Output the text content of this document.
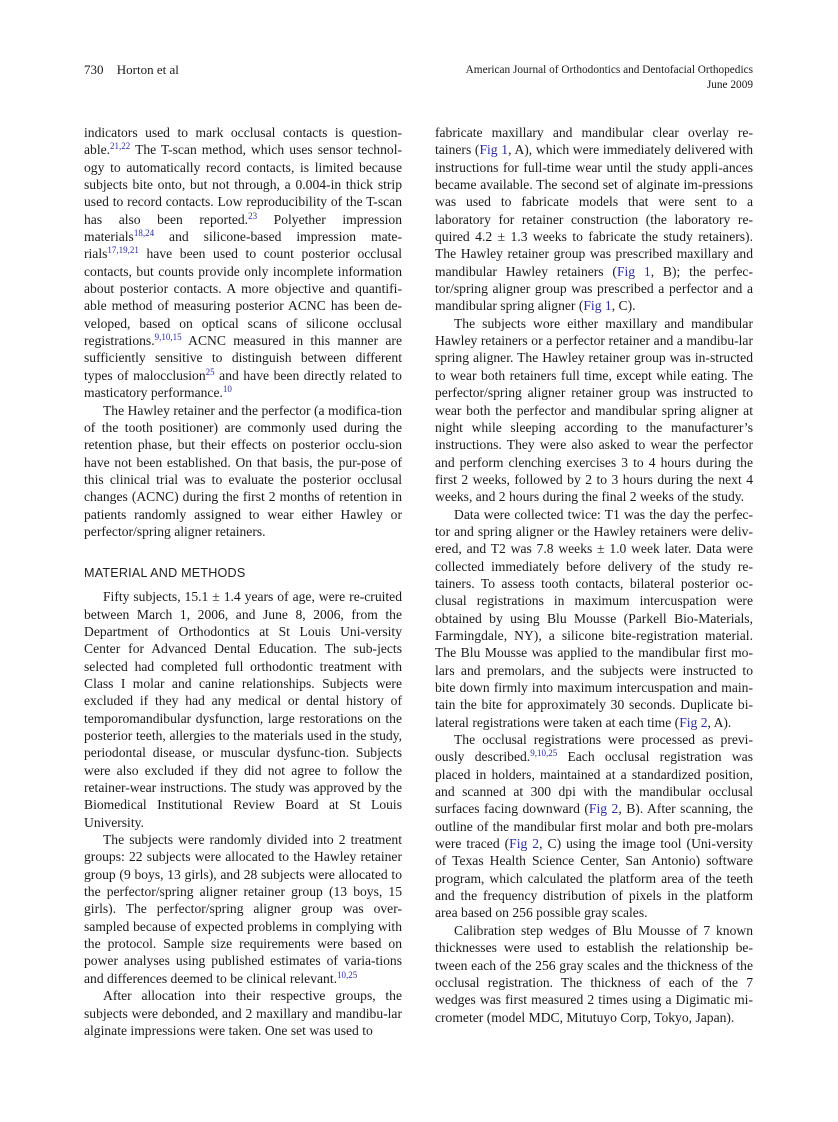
730 Horton et al	American Journal of Orthodontics and Dentofacial Orthopedics
June 2009

indicators used to mark occlusal contacts is question-able.$^{21,22}$ The T-scan method, which uses sensor technol-ogy to automatically record contacts, is limited because subjects bite onto, but not through, a 0.004-in thick strip used to record contacts. Low reproducibility of the T-scan has also been reported.$^{23}$ Polyether impression materials$^{18,24}$ and silicone-based impression mate-rials$^{17,19,21}$ have been used to count posterior occlusal contacts, but counts provide only incomplete information about posterior contacts. A more objective and quantifi-able method of measuring posterior ACNC has been de-veloped, based on optical scans of silicone occlusal registrations.$^{9,10,15}$ ACNC measured in this manner are sufficiently sensitive to distinguish between different types of malocclusion$^{25}$ and have been directly related to masticatory performance.$^{10}$

The Hawley retainer and the perfector (a modifica-tion of the tooth positioner) are commonly used during the retention phase, but their effects on posterior occlu-sion have not been established. On that basis, the pur-pose of this clinical trial was to evaluate the posterior occlusal changes (ACNC) during the first 2 months of retention in patients randomly assigned to wear either Hawley or perfector/spring aligner retainers.

MATERIAL AND METHODS

Fifty subjects, 15.1 ± 1.4 years of age, were re-cruited between March 1, 2006, and June 8, 2006, from the Department of Orthodontics at St Louis Uni-versity Center for Advanced Dental Education. The sub-jects selected had completed full orthodontic treatment with Class I molar and canine relationships. Subjects were excluded if they had any medical or dental history of temporomandibular dysfunction, large restorations on the posterior teeth, allergies to the materials used in the study, periodontal disease, or muscular dysfunc-tion. Subjects were also excluded if they did not agree to follow the retainer-wear instructions. The study was approved by the Biomedical Institutional Review Board at St Louis University.

The subjects were randomly divided into 2 treatment groups: 22 subjects were allocated to the Hawley retainer group (9 boys, 13 girls), and 28 subjects were allocated to the perfector/spring aligner retainer group (13 boys, 15 girls). The perfector/spring aligner group was over-sampled because of expected problems in complying with the protocol. Sample size requirements were based on power analyses using published estimates of varia-tions and differences deemed to be clinical relevant.$^{10,25}$

After allocation into their respective groups, the subjects were debonded, and 2 maxillary and mandibu-lar alginate impressions were taken. One set was used to

fabricate maxillary and mandibular clear overlay re-tainers (Fig 1, A), which were immediately delivered with instructions for full-time wear until the study appli-ances became available. The second set of alginate im-pressions was used to fabricate models that were sent to a laboratory for retainer construction (the laboratory re-quired 4.2 ± 1.3 weeks to fabricate the study retainers). The Hawley retainer group was prescribed maxillary and mandibular Hawley retainers (Fig 1, B); the perfec-tor/spring aligner group was prescribed a perfector and a mandibular spring aligner (Fig 1, C).

The subjects wore either maxillary and mandibular Hawley retainers or a perfector retainer and a mandibu-lar spring aligner. The Hawley retainer group was in-structed to wear both retainers full time, except while eating. The perfector/spring aligner retainer group was instructed to wear both the perfector and mandibular spring aligner at night while sleeping according to the manufacturer’s instructions. They were also asked to wear the perfector and perform clenching exercises 3 to 4 hours during the first 2 weeks, followed by 2 to 3 hours during the next 4 weeks, and 2 hours during the final 2 weeks of the study.

Data were collected twice: T1 was the day the perfec-tor and spring aligner or the Hawley retainers were deliv-ered, and T2 was 7.8 weeks ± 1.0 week later. Data were collected immediately before delivery of the study re-tainers. To assess tooth contacts, bilateral posterior oc-clusal registrations in maximum intercuspation were obtained by using Blu Mousse (Parkell Bio-Materials, Farmingdale, NY), a silicone bite-registration material. The Blu Mousse was applied to the mandibular first mo-lars and premolars, and the subjects were instructed to bite down firmly into maximum intercuspation and main-tain the bite for approximately 30 seconds. Duplicate bi-lateral registrations were taken at each time (Fig 2, A).

The occlusal registrations were processed as previ-ously described.$^{9,10,25}$ Each occlusal registration was placed in holders, maintained at a standardized position, and scanned at 300 dpi with the mandibular occlusal surfaces facing downward (Fig 2, B). After scanning, the outline of the mandibular first molar and both pre-molars were traced (Fig 2, C) using the image tool (Uni-versity of Texas Health Science Center, San Antonio) software program, which calculated the platform area of the teeth and the frequency distribution of pixels in the platform area based on 256 possible gray scales.

Calibration step wedges of Blu Mousse of 7 known thicknesses were used to establish the relationship be-tween each of the 256 gray scales and the thickness of the occlusal registration. The thickness of each of the 7 wedges was first measured 2 times using a Digimatic mi-crometer (model MDC, Mitutuyo Corp, Tokyo, Japan).
